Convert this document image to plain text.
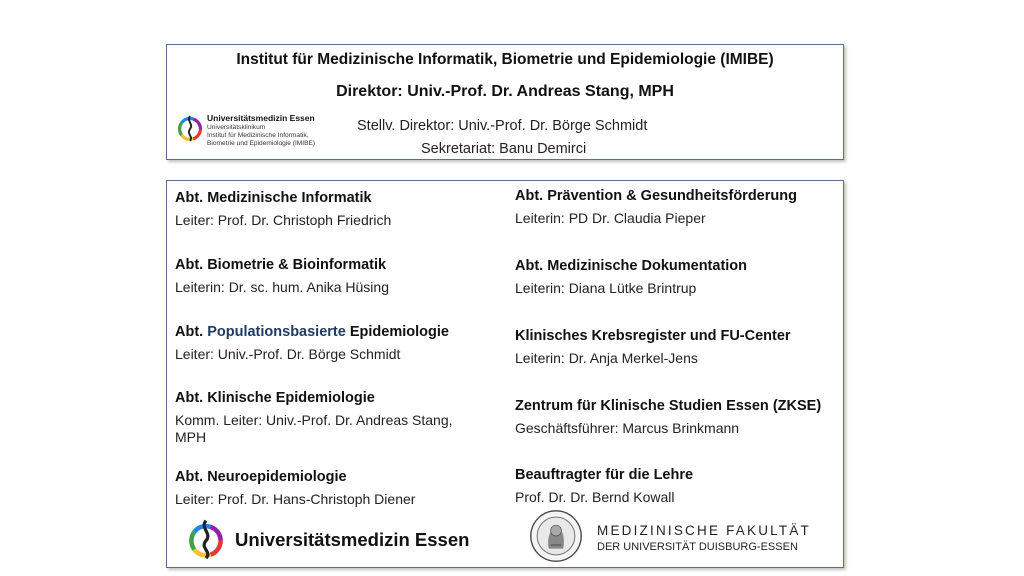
Institut für Medizinische Informatik, Biometrie und Epidemiologie (IMIBE)
Direktor: Univ.-Prof. Dr. Andreas Stang, MPH
Universitätsmedizin Essen
Universitätsklinikum
Institut für Medizinische Informatik,
Biometrie und Epidemiologie (IMIBE)
Stellv. Direktor: Univ.-Prof. Dr. Börge Schmidt
Sekretariat: Banu Demirci
Abt. Medizinische Informatik
Leiter: Prof. Dr. Christoph Friedrich
Abt. Biometrie & Bioinformatik
Leiterin: Dr. sc. hum. Anika Hüsing
Abt. Populationsbasierte Epidemiologie
Leiter: Univ.-Prof. Dr. Börge Schmidt
Abt. Klinische Epidemiologie
Komm. Leiter: Univ.-Prof. Dr. Andreas Stang, MPH
Abt. Neuroepidemiologie
Leiter: Prof. Dr. Hans-Christoph Diener
Abt. Prävention & Gesundheitsförderung
Leiterin: PD Dr. Claudia Pieper
Abt. Medizinische Dokumentation
Leiterin: Diana Lütke Brintrup
Klinisches Krebsregister und FU-Center
Leiterin: Dr. Anja Merkel-Jens
Zentrum für Klinische Studien Essen (ZKSE)
Geschäftsführer: Marcus Brinkmann
Beauftragter für die Lehre
Prof. Dr. Dr. Bernd Kowall
Universitätsmedizin Essen	MEDIZINISCHE FAKULTÄT
DER UNIVERSITÄT DUISBURG-ESSEN
